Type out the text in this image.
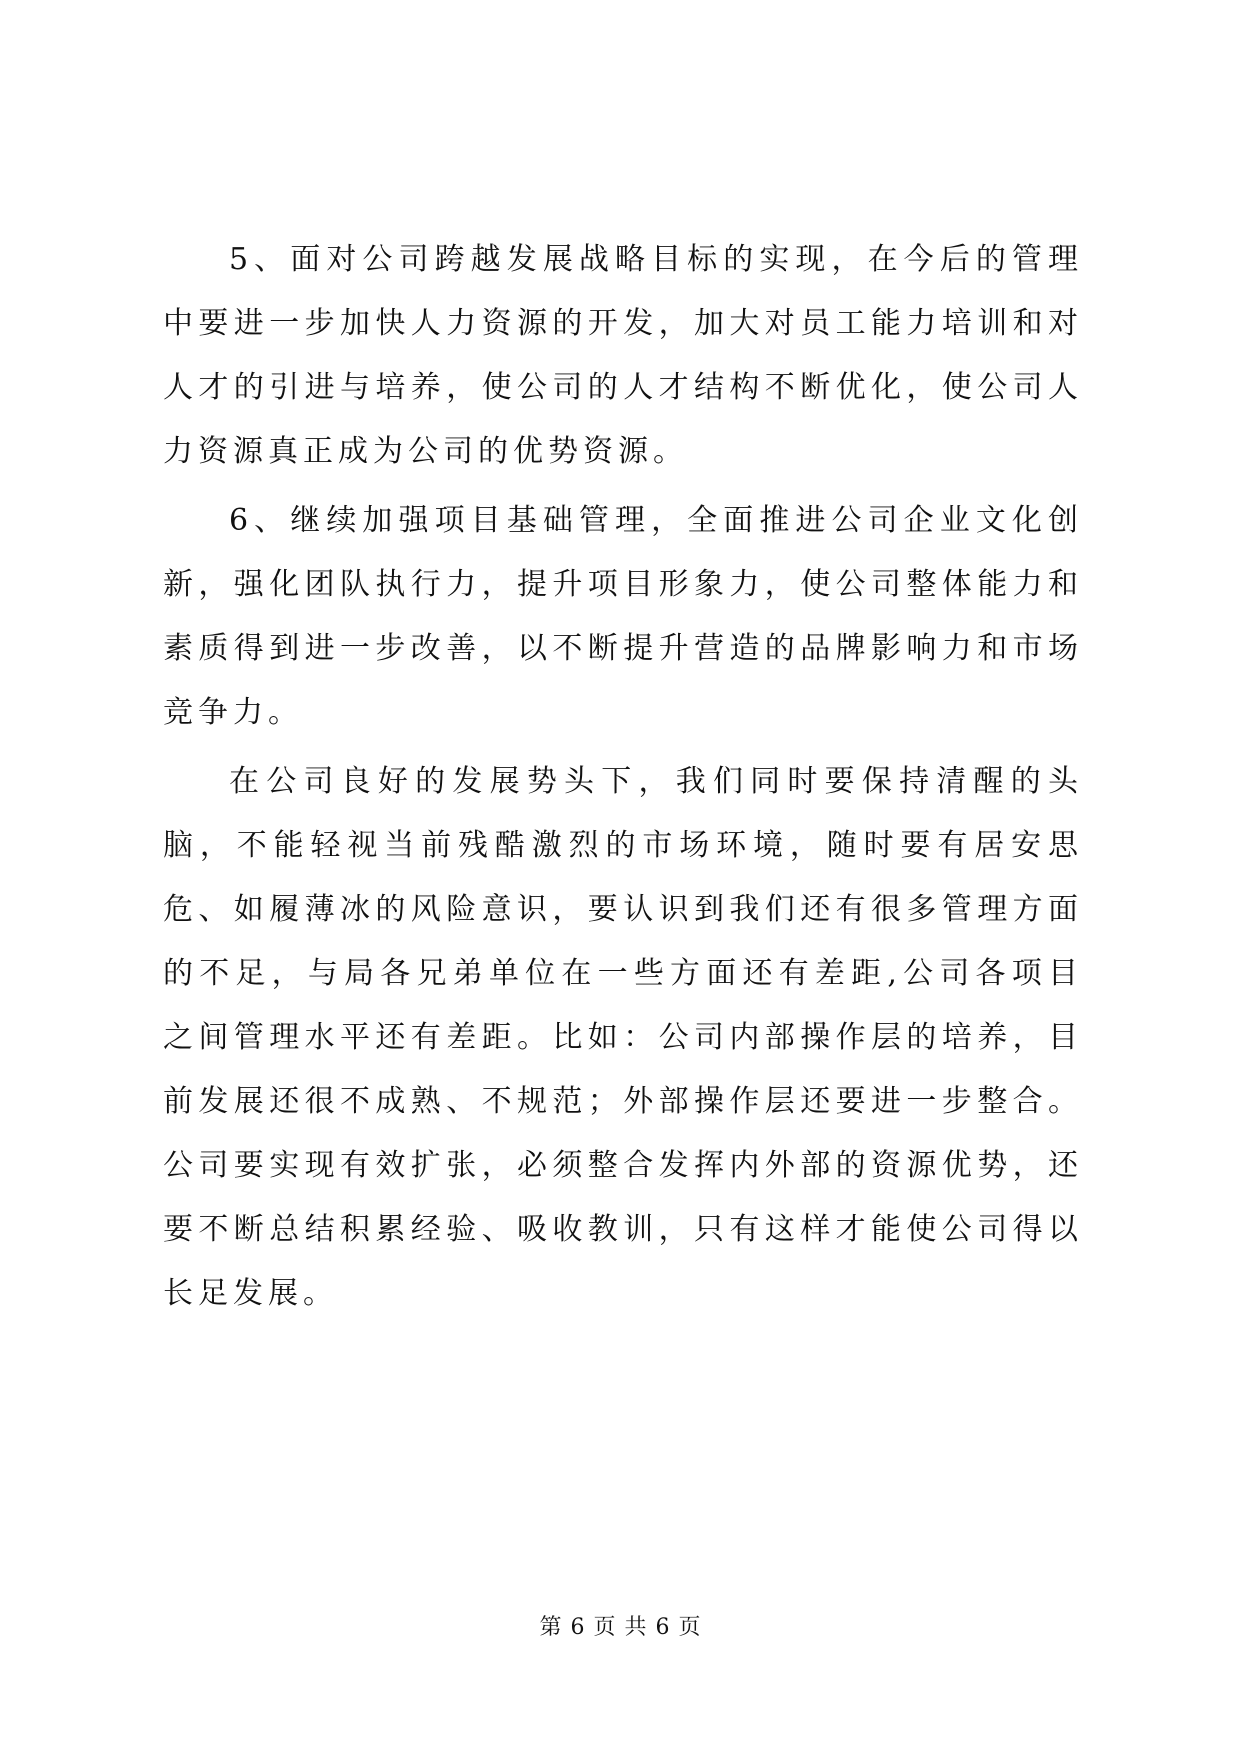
5、面对公司跨越发展战略目标的实现，在今后的管理中要进一步加快人力资源的开发，加大对员工能力培训和对人才的引进与培养，使公司的人才结构不断优化，使公司人力资源真正成为公司的优势资源。

6、继续加强项目基础管理，全面推进公司企业文化创新，强化团队执行力，提升项目形象力，使公司整体能力和素质得到进一步改善，以不断提升营造的品牌影响力和市场竞争力。

在公司良好的发展势头下，我们同时要保持清醒的头脑，不能轻视当前残酷激烈的市场环境，随时要有居安思危、如履薄冰的风险意识，要认识到我们还有很多管理方面的不足，与局各兄弟单位在一些方面还有差距,公司各项目之间管理水平还有差距。比如：公司内部操作层的培养，目前发展还很不成熟、不规范；外部操作层还要进一步整合。公司要实现有效扩张，必须整合发挥内外部的资源优势，还要不断总结积累经验、吸收教训，只有这样才能使公司得以长足发展。

第 6 页 共 6 页
